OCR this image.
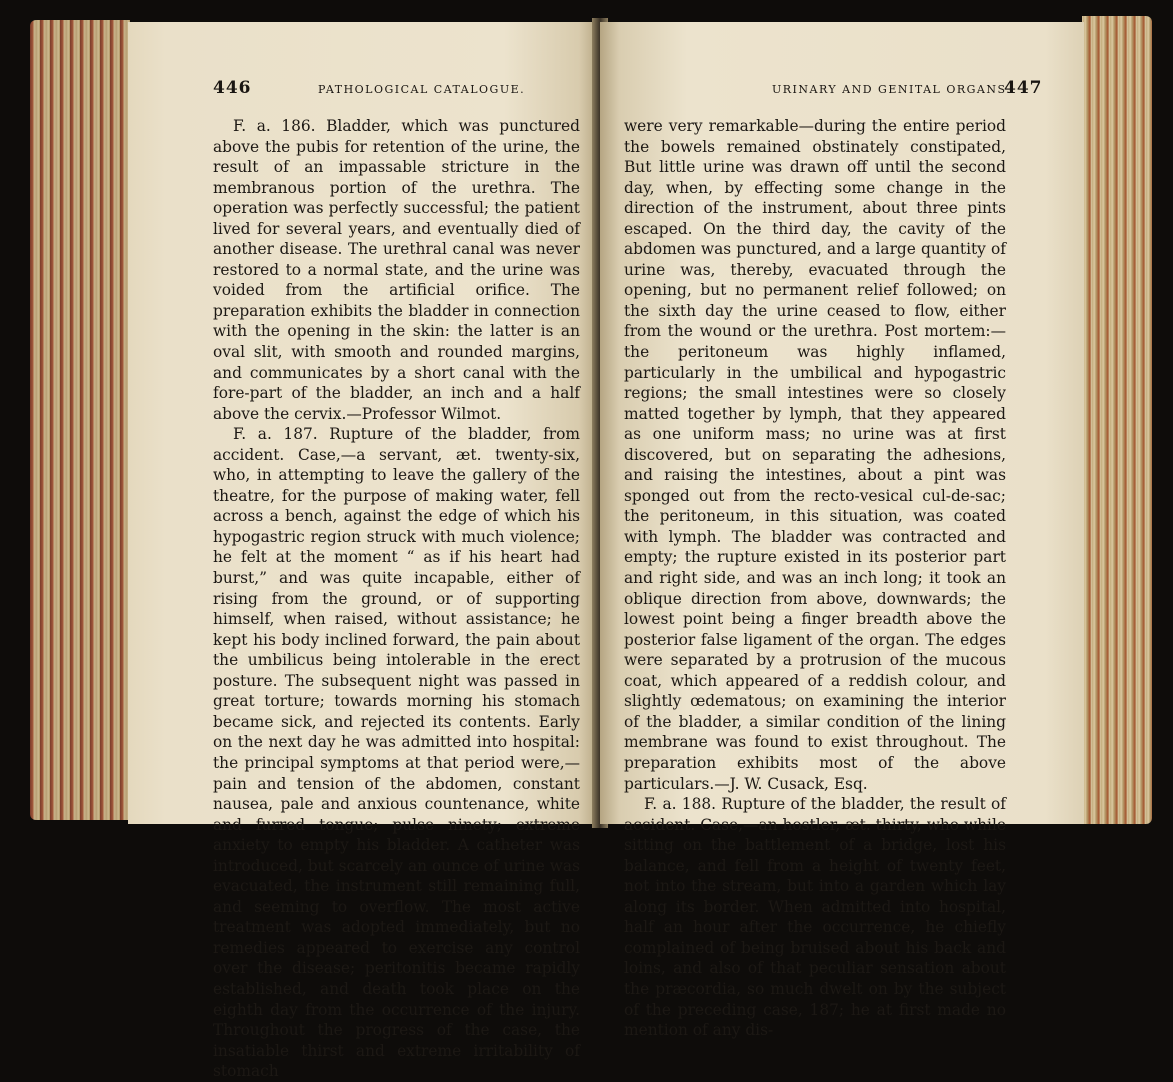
446	PATHOLOGICAL CATALOGUE.

F. a. 186. Bladder, which was punctured above the pubis for retention of the urine, the result of an impassable stricture in the membranous portion of the urethra. The operation was perfectly successful; the patient lived for several years, and eventually died of another disease. The urethral canal was never restored to a normal state, and the urine was voided from the artificial orifice. The preparation exhibits the bladder in connection with the opening in the skin: the latter is an oval slit, with smooth and rounded margins, and communicates by a short canal with the fore-part of the bladder, an inch and a half above the cervix.—Professor Wilmot.

F. a. 187. Rupture of the bladder, from accident. Case,—a servant, æt. twenty-six, who, in attempting to leave the gallery of the theatre, for the purpose of making water, fell across a bench, against the edge of which his hypogastric region struck with much violence; he felt at the moment “ as if his heart had burst,” and was quite incapable, either of rising from the ground, or of supporting himself, when raised, without assistance; he kept his body inclined forward, the pain about the umbilicus being intolerable in the erect posture. The subsequent night was passed in great torture; towards morning his stomach became sick, and rejected its contents. Early on the next day he was admitted into hospital: the principal symptoms at that period were,—pain and tension of the abdomen, constant nausea, pale and anxious countenance, white and furred tongue; pulse ninety; extreme anxiety to empty his bladder. A catheter was introduced, but scarcely an ounce of urine was evacuated, the instrument still remaining full, and seeming to overflow. The most active treatment was adopted immediately, but no remedies appeared to exercise any control over the disease; peritonitis became rapidly established, and death took place on the eighth day from the occurrence of the injury. Throughout the progress of the case, the insatiable thirst and extreme irritability of stomach

URINARY AND GENITAL ORGANS.
447

were very remarkable—during the entire period the bowels remained obstinately constipated, But little urine was drawn off until the second day, when, by effecting some change in the direction of the instrument, about three pints escaped. On the third day, the cavity of the abdomen was punctured, and a large quantity of urine was, thereby, evacuated through the opening, but no permanent relief followed; on the sixth day the urine ceased to flow, either from the wound or the urethra. Post mortem:—the peritoneum was highly inflamed, particularly in the umbilical and hypogastric regions; the small intestines were so closely matted together by lymph, that they appeared as one uniform mass; no urine was at first discovered, but on separating the adhesions, and raising the intestines, about a pint was sponged out from the recto-vesical cul-de-sac; the peritoneum, in this situation, was coated with lymph. The bladder was contracted and empty; the rupture existed in its posterior part and right side, and was an inch long; it took an oblique direction from above, downwards; the lowest point being a finger breadth above the posterior false ligament of the organ. The edges were separated by a protrusion of the mucous coat, which appeared of a reddish colour, and slightly œdematous; on examining the interior of the bladder, a similar condition of the lining membrane was found to exist throughout. The preparation exhibits most of the above particulars.—J. W. Cusack, Esq.

F. a. 188. Rupture of the bladder, the result of accident. Case,—an hostler, æt. thirty, who while sitting on the battlement of a bridge, lost his balance, and fell from a height of twenty feet, not into the stream, but into a garden which lay along its border. When admitted into hospital, half an hour after the occurrence, he chiefly complained of being bruised about his back and loins, and also of that peculiar sensation about the præcordia, so much dwelt on by the subject of the preceding case, 187; he at first made no mention of any dis-
